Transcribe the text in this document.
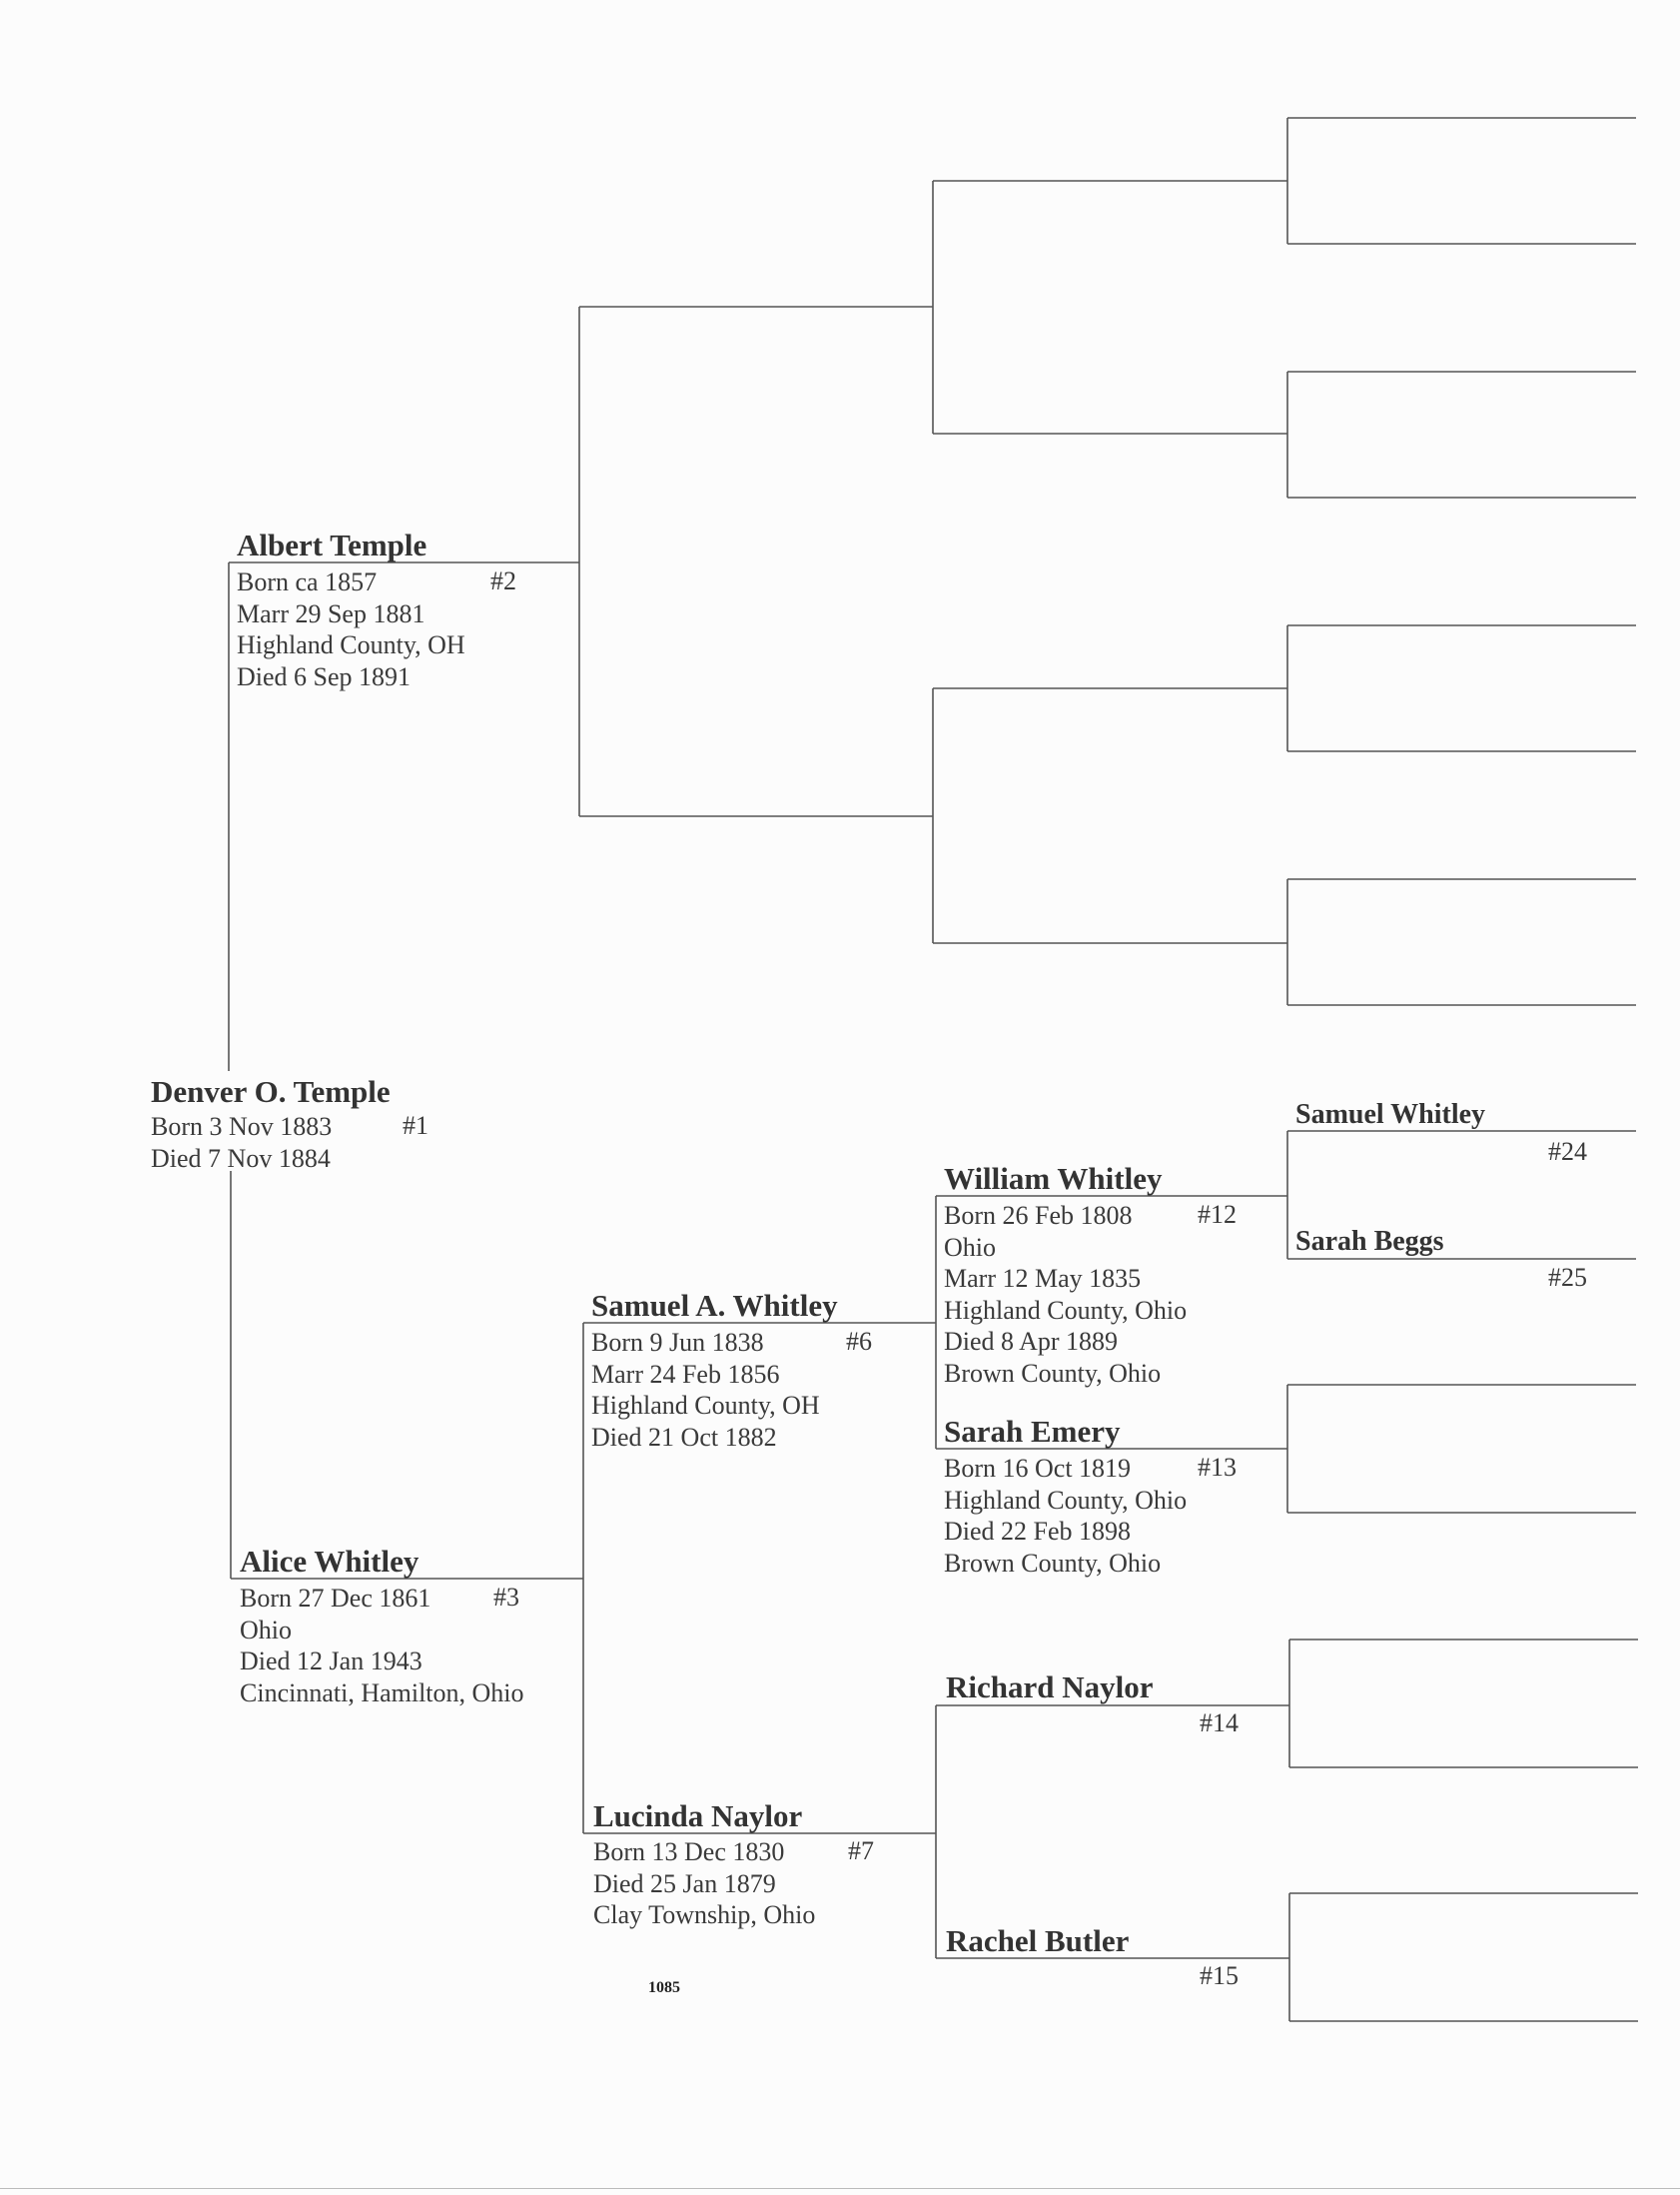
Denver O. Temple
Born 3 Nov 1883
Died 7 Nov 1884
#1
Albert Temple
Born ca 1857
Marr 29 Sep 1881
Highland County, OH
Died 6 Sep 1891
#2
Alice Whitley
Born 27 Dec 1861
Ohio
Died 12 Jan 1943
Cincinnati, Hamilton, Ohio
#3
Samuel A. Whitley
Born 9 Jun 1838
Marr 24 Feb 1856
Highland County, OH
Died 21 Oct 1882
#6
Lucinda Naylor
Born 13 Dec 1830
Died 25 Jan 1879
Clay Township, Ohio
#7
William Whitley
Born 26 Feb 1808
Ohio
Marr 12 May 1835
Highland County, Ohio
Died 8 Apr 1889
Brown County, Ohio
#12
Sarah Emery
Born 16 Oct 1819
Highland County, Ohio
Died 22 Feb 1898
Brown County, Ohio
#13
Richard Naylor
#14
Rachel Butler
#15
Samuel Whitley
#24
Sarah Beggs
#25
1085
